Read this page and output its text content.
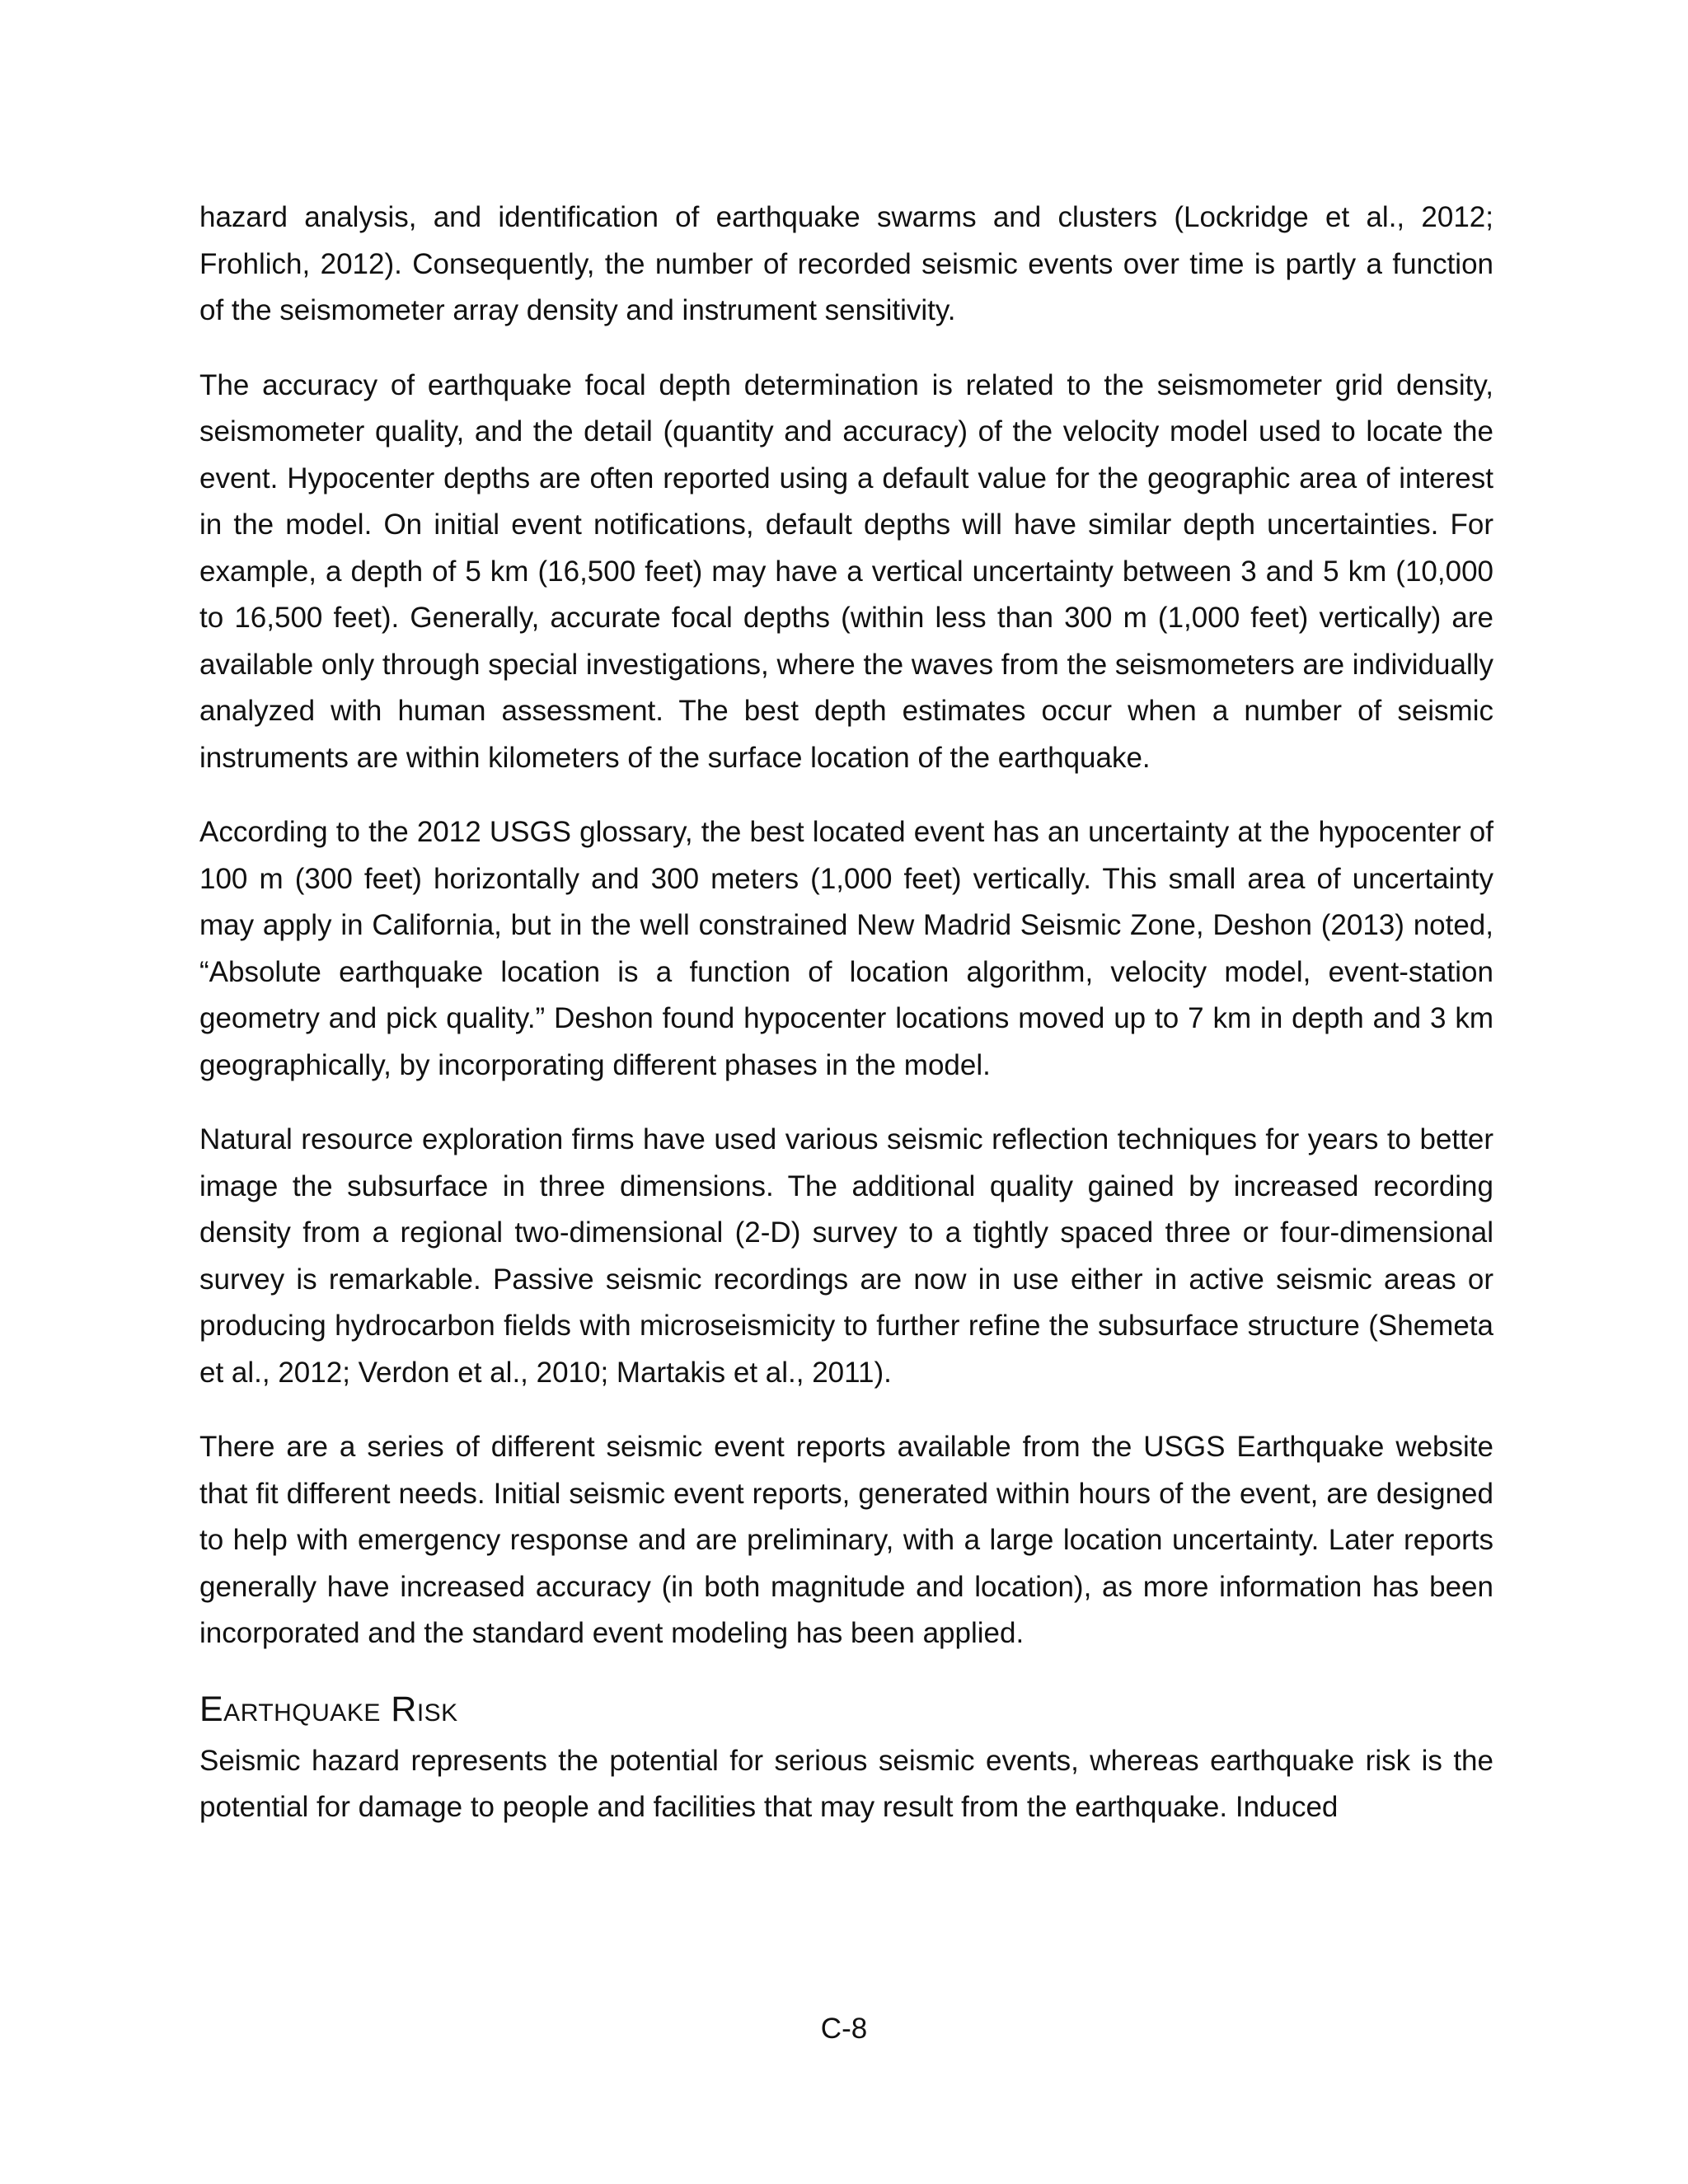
hazard analysis, and identification of earthquake swarms and clusters (Lockridge et al., 2012; Frohlich, 2012). Consequently, the number of recorded seismic events over time is partly a function of the seismometer array density and instrument sensitivity.

The accuracy of earthquake focal depth determination is related to the seismometer grid density, seismometer quality, and the detail (quantity and accuracy) of the velocity model used to locate the event. Hypocenter depths are often reported using a default value for the geographic area of interest in the model. On initial event notifications, default depths will have similar depth uncertainties. For example, a depth of 5 km (16,500 feet) may have a vertical uncertainty between 3 and 5 km (10,000 to 16,500 feet). Generally, accurate focal depths (within less than 300 m (1,000 feet) vertically) are available only through special investigations, where the waves from the seismometers are individually analyzed with human assessment. The best depth estimates occur when a number of seismic instruments are within kilometers of the surface location of the earthquake.

According to the 2012 USGS glossary, the best located event has an uncertainty at the hypocenter of 100 m (300 feet) horizontally and 300 meters (1,000 feet) vertically. This small area of uncertainty may apply in California, but in the well constrained New Madrid Seismic Zone, Deshon (2013) noted, “Absolute earthquake location is a function of location algorithm, velocity model, event-station geometry and pick quality.” Deshon found hypocenter locations moved up to 7 km in depth and 3 km geographically, by incorporating different phases in the model.

Natural resource exploration firms have used various seismic reflection techniques for years to better image the subsurface in three dimensions. The additional quality gained by increased recording density from a regional two-dimensional (2-D) survey to a tightly spaced three or four-dimensional survey is remarkable. Passive seismic recordings are now in use either in active seismic areas or producing hydrocarbon fields with microseismicity to further refine the subsurface structure (Shemeta et al., 2012; Verdon et al., 2010; Martakis et al., 2011).

There are a series of different seismic event reports available from the USGS Earthquake website that fit different needs. Initial seismic event reports, generated within hours of the event, are designed to help with emergency response and are preliminary, with a large location uncertainty. Later reports generally have increased accuracy (in both magnitude and location), as more information has been incorporated and the standard event modeling has been applied.

Earthquake Risk

Seismic hazard represents the potential for serious seismic events, whereas earthquake risk is the potential for damage to people and facilities that may result from the earthquake. Induced

C-8
